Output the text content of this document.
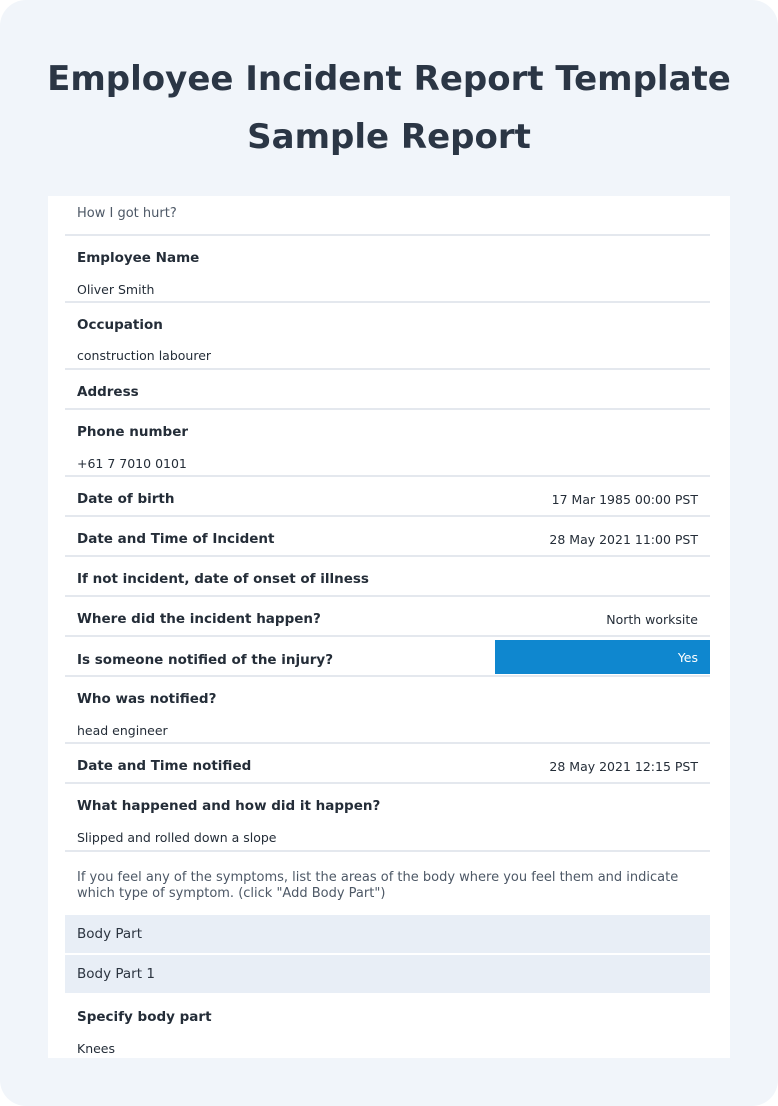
Employee Incident Report Template
Sample Report
How I got hurt?
Employee Name
Oliver Smith
Occupation
construction labourer
Address
Phone number
+61 7 7010 0101
Date of birth	17 Mar 1985 00:00 PST
Date and Time of Incident	28 May 2021 11:00 PST
If not incident, date of onset of illness
Where did the incident happen?	North worksite
Is someone notified of the injury?	Yes
Who was notified?
head engineer
Date and Time notified	28 May 2021 12:15 PST
What happened and how did it happen?
Slipped and rolled down a slope
If you feel any of the symptoms, list the areas of the body where you feel them and indicate which type of symptom. (click "Add Body Part")
Body Part
Body Part 1
Specify body part
Knees
